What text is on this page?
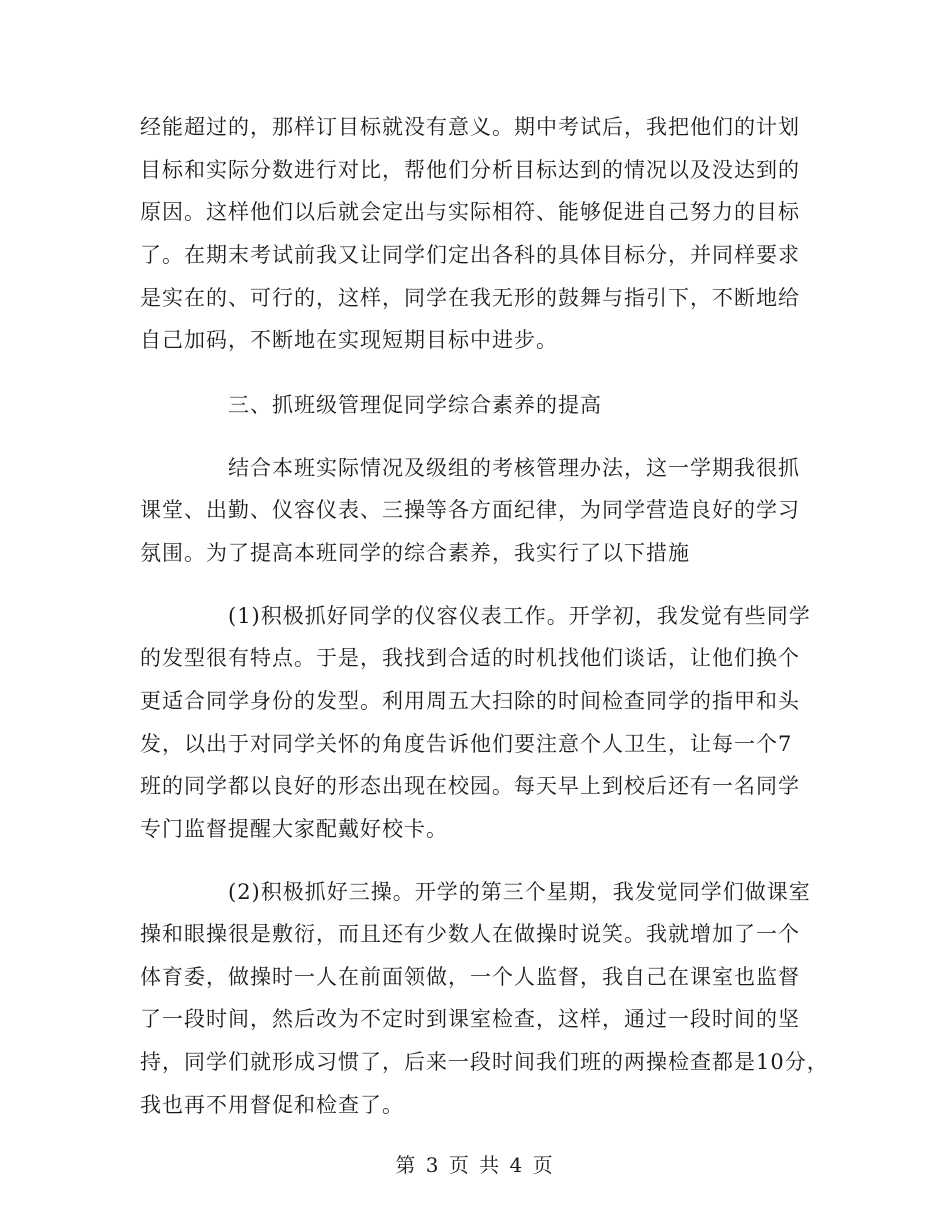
经能超过的，那样订目标就没有意义。期中考试后，我把他们的计划
目标和实际分数进行对比，帮他们分析目标达到的情况以及没达到的
原因。这样他们以后就会定出与实际相符、能够促进自己努力的目标
了。在期末考试前我又让同学们定出各科的具体目标分，并同样要求
是实在的、可行的，这样，同学在我无形的鼓舞与指引下，不断地给
自己加码，不断地在实现短期目标中进步。
三、抓班级管理促同学综合素养的提高
结合本班实际情况及级组的考核管理办法，这一学期我很抓
课堂、出勤、仪容仪表、三操等各方面纪律，为同学营造良好的学习
氛围。为了提高本班同学的综合素养，我实行了以下措施
(1)积极抓好同学的仪容仪表工作。开学初，我发觉有些同学
的发型很有特点。于是，我找到合适的时机找他们谈话，让他们换个
更适合同学身份的发型。利用周五大扫除的时间检查同学的指甲和头
发，以出于对同学关怀的角度告诉他们要注意个人卫生，让每一个7
班的同学都以良好的形态出现在校园。每天早上到校后还有一名同学
专门监督提醒大家配戴好校卡。
(2)积极抓好三操。开学的第三个星期，我发觉同学们做课室
操和眼操很是敷衍，而且还有少数人在做操时说笑。我就增加了一个
体育委，做操时一人在前面领做，一个人监督，我自己在课室也监督
了一段时间，然后改为不定时到课室检查，这样，通过一段时间的坚
持，同学们就形成习惯了，后来一段时间我们班的两操检查都是10分，
我也再不用督促和检查了。
第 3 页 共 4 页
